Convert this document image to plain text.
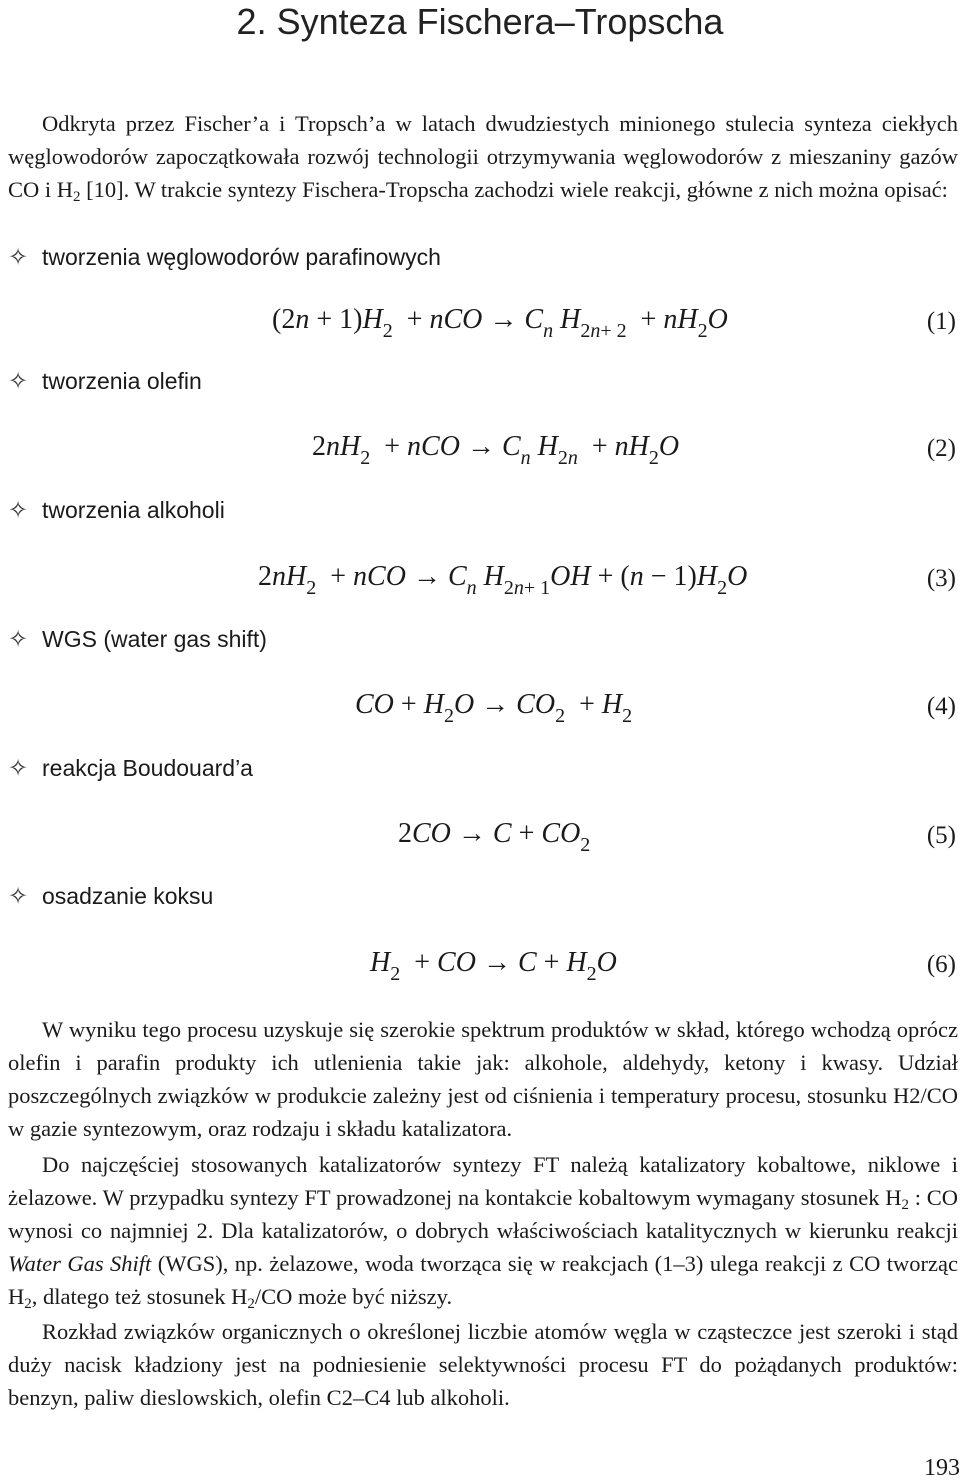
2. Synteza Fischera–Tropscha

Odkryta przez Fischer’a i Tropsch’a w latach dwudziestych minionego stulecia synteza ciekłych węglowodorów zapoczątkowała rozwój technologii otrzymywania węglowodorów z mieszaniny gazów CO i $H_2$ [10]. W trakcie syntezy Fischera-Tropscha zachodzi wiele reakcji, główne z nich można opisać:

✧ tworzenia węglowodorów parafinowych
✧ tworzenia olefin
✧ tworzenia alkoholi
✧ WGS (water gas shift)
✧ reakcja Boudouard’a
✧ osadzanie koksu
$(2n + 1)H_2$ + nCO → $C_n$ $H_{2n+ 2} + nH_2O$	(1)
$2nH_2$ + nCO → $C_n$ $H_{2n} + nH_2O$	(2)
$2nH_2$ + nCO → $C_n$ $H_{2n+ 1}OH + (n - 1)H_2O$	(3)
CO + $H_2O \to CO_2 + H_2$	(4)
$2CO \to C + CO_2$	(5)
$H_2$ + CO → $C + H_2O$	(6)

W wyniku tego procesu uzyskuje się szerokie spektrum produktów w skład, którego wchodzą oprócz olefin i parafin produkty ich utlenienia takie jak: alkohole, aldehydy, ketony i kwasy. Udział poszczególnych związków w produkcie zależny jest od ciśnienia i temperatury procesu, stosunku H2/CO w gazie syntezowym, oraz rodzaju i składu katalizatora.

Do najczęściej stosowanych katalizatorów syntezy FT należą katalizatory kobaltowe, niklowe i żelazowe. W przypadku syntezy FT prowadzonej na kontakcie kobaltowym wymagany stosunek $H_2$ : CO wynosi co najmniej 2. Dla katalizatorów, o dobrych właściwościach katalitycznych w kierunku reakcji Water Gas Shift (WGS), np. żelazowe, woda tworząca się w reakcjach (1–3) ulega reakcji z CO tworząc $H_2$, dlatego też stosunek $H_2/CO$ może być niższy.

Rozkład związków organicznych o określonej liczbie atomów węgla w cząsteczce jest szeroki i stąd duży nacisk kładziony jest na podniesienie selektywności procesu FT do pożądanych produktów: benzyn, paliw dieslowskich, olefin C2–C4 lub alkoholi.

193
